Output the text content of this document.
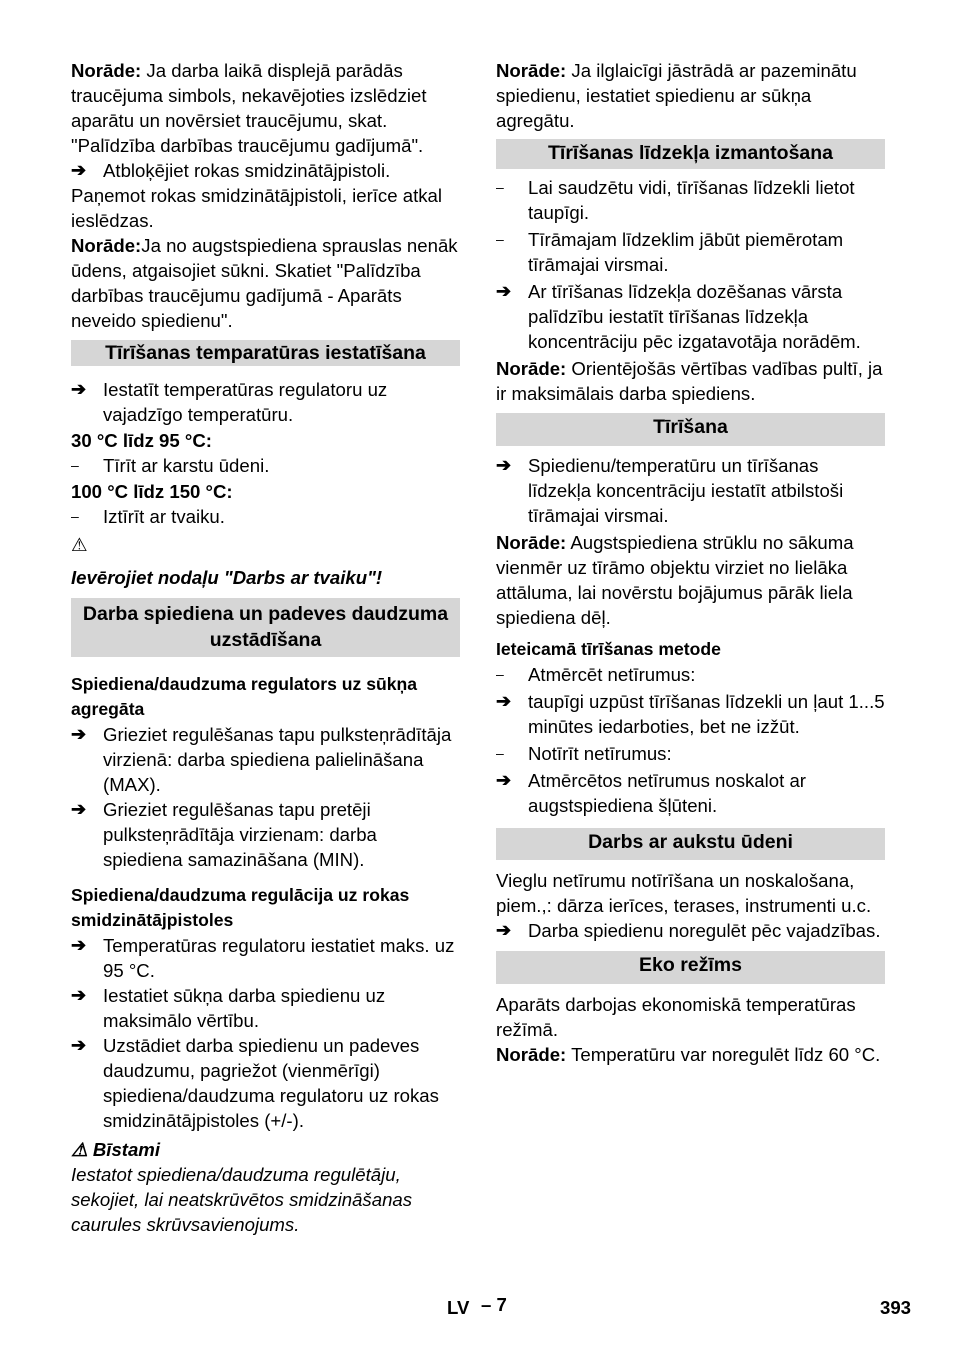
Norāde: Ja darba laikā displejā parādās traucējuma simbols, nekavējoties izslēdziet aparātu un novērsiet traucējumu, skat. "Palīdzība darbības traucējumu gadījumā".

➔ Atbloķējiet rokas smidzinātājpistoli.

Paņemot rokas smidzinātājpistoli, ierīce atkal ieslēdzas.

Norāde:Ja no augstspiediena sprauslas nenāk ūdens, atgaisojiet sūkni. Skatiet "Palīdzība darbības traucējumu gadījumā - Aparāts neveido spiedienu".

Tīrīšanas temparatūras iestatīšana
➔ Iestatīt temperatūras regulatoru uz vajadzīgo temperatūru.

30 °C līdz 95 °C:

–	Tīrīt ar karstu ūdeni.

100 °C līdz 150 °C:

–	Iztīrīt ar tvaiku.

⚠

Ievērojiet nodaļu "Darbs ar tvaiku"!

Darba spiediena un padeves daudzuma uzstādīšana

Spiediena/daudzuma regulators uz sūkņa agregāta

➔ Grieziet regulēšanas tapu pulksteņrādītāja virzienā: darba spiediena palielināšana (MAX).
➔ Grieziet regulēšanas tapu pretēji pulksteņrādītāja virzienam: darba spiediena samazināšana (MIN).

Spiediena/daudzuma regulācija uz rokas smidzinātājpistoles

➔ Temperatūras regulatoru iestatiet maks. uz 95 °C.
➔ Iestatiet sūkņa darba spiedienu uz maksimālo vērtību.
➔ Uzstādiet darba spiedienu un padeves daudzumu, pagriežot (vienmērīgi) spiediena/daudzuma regulatoru uz rokas smidzinātājpistoles (+/-).

⚠ Bīstami

Iestatot spiediena/daudzuma regulētāju, sekojiet, lai neatskrūvētos smidzināšanas caurules skrūvsavienojums.

Norāde: Ja ilglaicīgi jāstrādā ar pazeminātu spiedienu, iestatiet spiedienu ar sūkņa agregātu.

Tīrīšanas līdzekļa izmantošana
–	Lai saudzētu vidi, tīrīšanas līdzekli lietot taupīgi.
–	Tīrāmajam līdzeklim jābūt piemērotam tīrāmajai virsmai.
➔ Ar tīrīšanas līdzekļa dozēšanas vārsta palīdzību iestatīt tīrīšanas līdzekļa koncentrāciju pēc izgatavotāja norādēm.

Norāde: Orientējošās vērtības vadības pultī, ja ir maksimālais darba spiediens.

Tīrīšana
➔ Spiedienu/temperatūru un tīrīšanas līdzekļa koncentrāciju iestatīt atbilstoši tīrāmajai virsmai.

Norāde: Augstspiediena strūklu no sākuma vienmēr uz tīrāmo objektu virziet no lielāka attāluma, lai novērstu bojājumus pārāk liela spiediena dēļ.

Ieteicamā tīrīšanas metode

–	Atmērcēt netīrumus:
➔ taupīgi uzpūst tīrīšanas līdzekli un ļaut 1...5 minūtes iedarboties, bet ne izžūt.
–	Notīrīt netīrumus:
➔ Atmērcētos netīrumus noskalot ar augstspiediena šļūteni.
Darbs ar aukstu ūdeni

Vieglu netīrumu notīrīšana un noskalošana, piem.,: dārza ierīces, terases, instrumenti u.c.

➔ Darba spiedienu noregulēt pēc vajadzības.
Eko režīms

Aparāts darbojas ekonomiskā temperatūras režīmā.

Norāde: Temperatūru var noregulēt līdz 60 °C.

LV – 7	393
